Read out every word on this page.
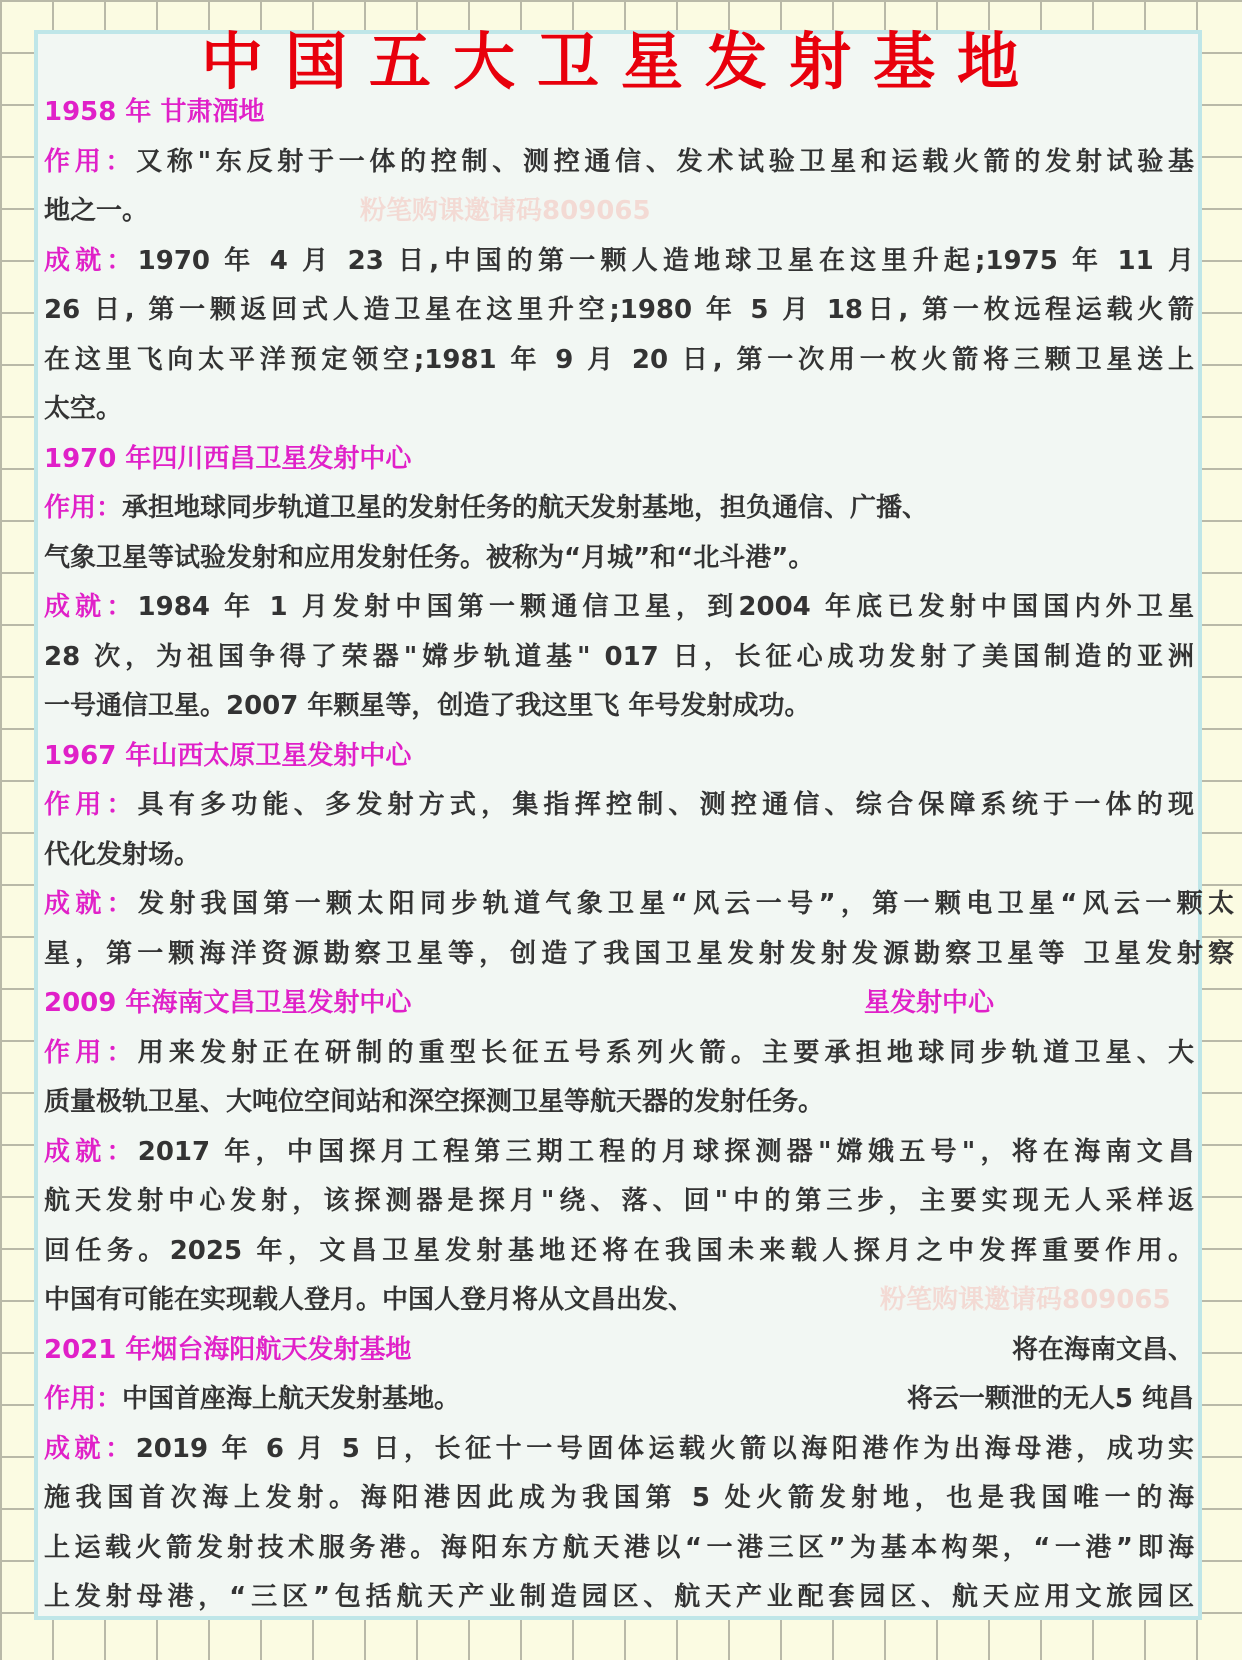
中国五大卫星发射基地
粉笔购课邀请码809065
粉笔购课邀请码809065
1958 年 甘肃酒地
作用：又称"东反射于一体的控制、测控通信、发术试验卫星和运载火箭的发射试验基
地之一。
成就：1970 年 4 月 23 日,中国的第一颗人造地球卫星在这里升起;1975 年 11 月
26 日, 第一颗返回式人造卫星在这里升空;1980 年 5 月 18日, 第一枚远程运载火箭
在这里飞向太平洋预定领空;1981 年 9 月 20 日, 第一次用一枚火箭将三颗卫星送上
太空。
1970 年四川西昌卫星发射中心
作用：承担地球同步轨道卫星的发射任务的航天发射基地，担负通信、广播、
气象卫星等试验发射和应用发射任务。被称为“月城”和“北斗港”。
成就：1984 年 1 月发射中国第一颗通信卫星，到2004 年底已发射中国国内外卫星
28 次，为祖国争得了荣器"嫦步轨道基" 017 日，长征心成功发射了美国制造的亚洲
一号通信卫星。2007 年颗星等，创造了我这里飞 年号发射成功。
1967 年山西太原卫星发射中心
作用：具有多功能、多发射方式，集指挥控制、测控通信、综合保障系统于一体的现
代化发射场。
成就：发射我国第一颗太阳同步轨道气象卫星“风云一号”，第一颗电卫星“风云一颗太
星，第一颗海洋资源勘察卫星等，创造了我国卫星发射发射发源勘察卫星等 卫星发射察
2009 年海南文昌卫星发射中心	星发射中心
作用：用来发射正在研制的重型长征五号系列火箭。主要承担地球同步轨道卫星、大
质量极轨卫星、大吨位空间站和深空探测卫星等航天器的发射任务。
成就：2017 年，中国探月工程第三期工程的月球探测器"嫦娥五号"，将在海南文昌
航天发射中心发射，该探测器是探月"绕、落、回"中的第三步，主要实现无人采样返
回任务。2025 年，文昌卫星发射基地还将在我国未来载人探月之中发挥重要作用。
中国有可能在实现载人登月。中国人登月将从文昌出发、
2021 年烟台海阳航天发射基地	将在海南文昌、
作用：中国首座海上航天发射基地。	将云一颗泄的无人5 纯昌
成就：2019 年 6 月 5 日，长征十一号固体运载火箭以海阳港作为出海母港，成功实
施我国首次海上发射。海阳港因此成为我国第 5 处火箭发射地，也是我国唯一的海
上运载火箭发射技术服务港。海阳东方航天港以“一港三区”为基本构架，“一港”即海
上发射母港，“三区”包括航天产业制造园区、航天产业配套园区、航天应用文旅园区
